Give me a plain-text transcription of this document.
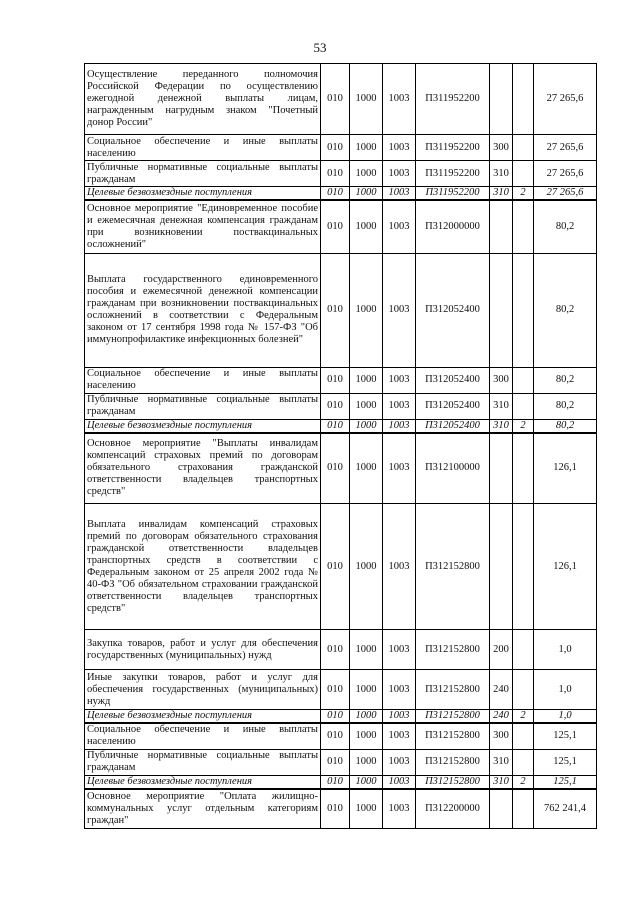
53
Осуществление переданного полномочия Российской Федерации по осуществлению ежегодной денежной выплаты лицам, награжденным нагрудным знаком "Почетный донор России"	010	1000	1003	П311952200			27 265,6
Социальное обеспечение и иные выплаты населению	010	1000	1003	П311952200	300		27 265,6
Публичные нормативные социальные выплаты гражданам	010	1000	1003	П311952200	310		27 265,6
Целевые безвозмездные поступления	010	1000	1003	П311952200	310	2	27 265,6
Основное мероприятие "Единовременное пособие и ежемесячная денежная компенсация гражданам при возникновении поствакцинальных осложнений"	010	1000	1003	П312000000			80,2
Выплата государственного единовременного пособия и ежемесячной денежной компенсации гражданам при возникновении поствакцинальных осложнений в соответствии с Федеральным законом от 17 сентября 1998 года № 157-ФЗ "Об иммунопрофилактике инфекционных болезней"	010	1000	1003	П312052400			80,2
Социальное обеспечение и иные выплаты населению	010	1000	1003	П312052400	300		80,2
Публичные нормативные социальные выплаты гражданам	010	1000	1003	П312052400	310		80,2
Целевые безвозмездные поступления	010	1000	1003	П312052400	310	2	80,2
Основное мероприятие "Выплаты инвалидам компенсаций страховых премий по договорам обязательного страхования гражданской ответственности владельцев транспортных средств"	010	1000	1003	П312100000			126,1
Выплата инвалидам компенсаций страховых премий по договорам обязательного страхования гражданской ответственности владельцев транспортных средств в соответствии с Федеральным законом от 25 апреля 2002 года № 40-ФЗ "Об обязательном страховании гражданской ответственности владельцев транспортных средств"	010	1000	1003	П312152800			126,1
Закупка товаров, работ и услуг для обеспечения государственных (муниципальных) нужд	010	1000	1003	П312152800	200		1,0
Иные закупки товаров, работ и услуг для обеспечения государственных (муниципальных) нужд	010	1000	1003	П312152800	240		1,0
Целевые безвозмездные поступления	010	1000	1003	П312152800	240	2	1,0
Социальное обеспечение и иные выплаты населению	010	1000	1003	П312152800	300		125,1
Публичные нормативные социальные выплаты гражданам	010	1000	1003	П312152800	310		125,1
Целевые безвозмездные поступления	010	1000	1003	П312152800	310	2	125,1
Основное мероприятие "Оплата жилищно-коммунальных услуг отдельным категориям граждан"	010	1000	1003	П312200000			762 241,4
